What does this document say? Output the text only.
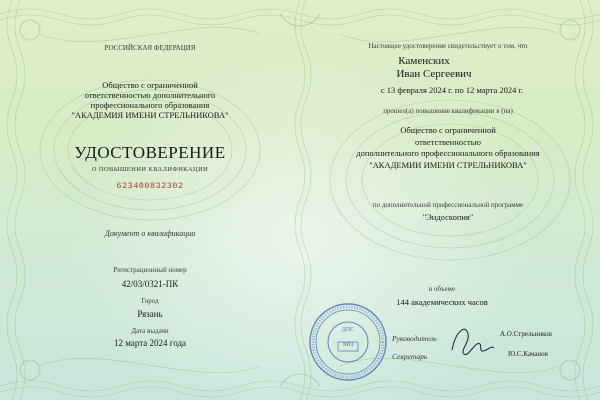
РОССИЙСКАЯ ФЕДЕРАЦИЯ
Общество с ограниченной
ответственностью дополнительного
профессионального образования
"АКАДЕМИЯ ИМЕНИ СТРЕЛЬНИКОВА"
УДОСТОВЕРЕНИЕ
О ПОВЫШЕНИИ КВАЛИФИКАЦИИ
623400832302
Документ о квалификации
Регистрационный номер
42/03/0321-ПК
Город
Рязань
Дата выдачи
12 марта 2024 года
Настоящее удостоверение свидетельствует о том, что
Каменских
Иван Сергеевич
с 13 февраля 2024 г. по 12 марта 2024 г.
прошел(а) повышение квалификации в (на)
Общество с ограниченной
ответственностью
дополнительного профессионального образования
"АКАДЕМИИ ИМЕНИ СТРЕЛЬНИКОВА"
по дополнительной профессиональной программе
"Эндоскопия"
в объеме
144 академических часов
Руководитель	А.О.Стрельников
Секретарь	Ю.С.Качанов
ДПС
МП
